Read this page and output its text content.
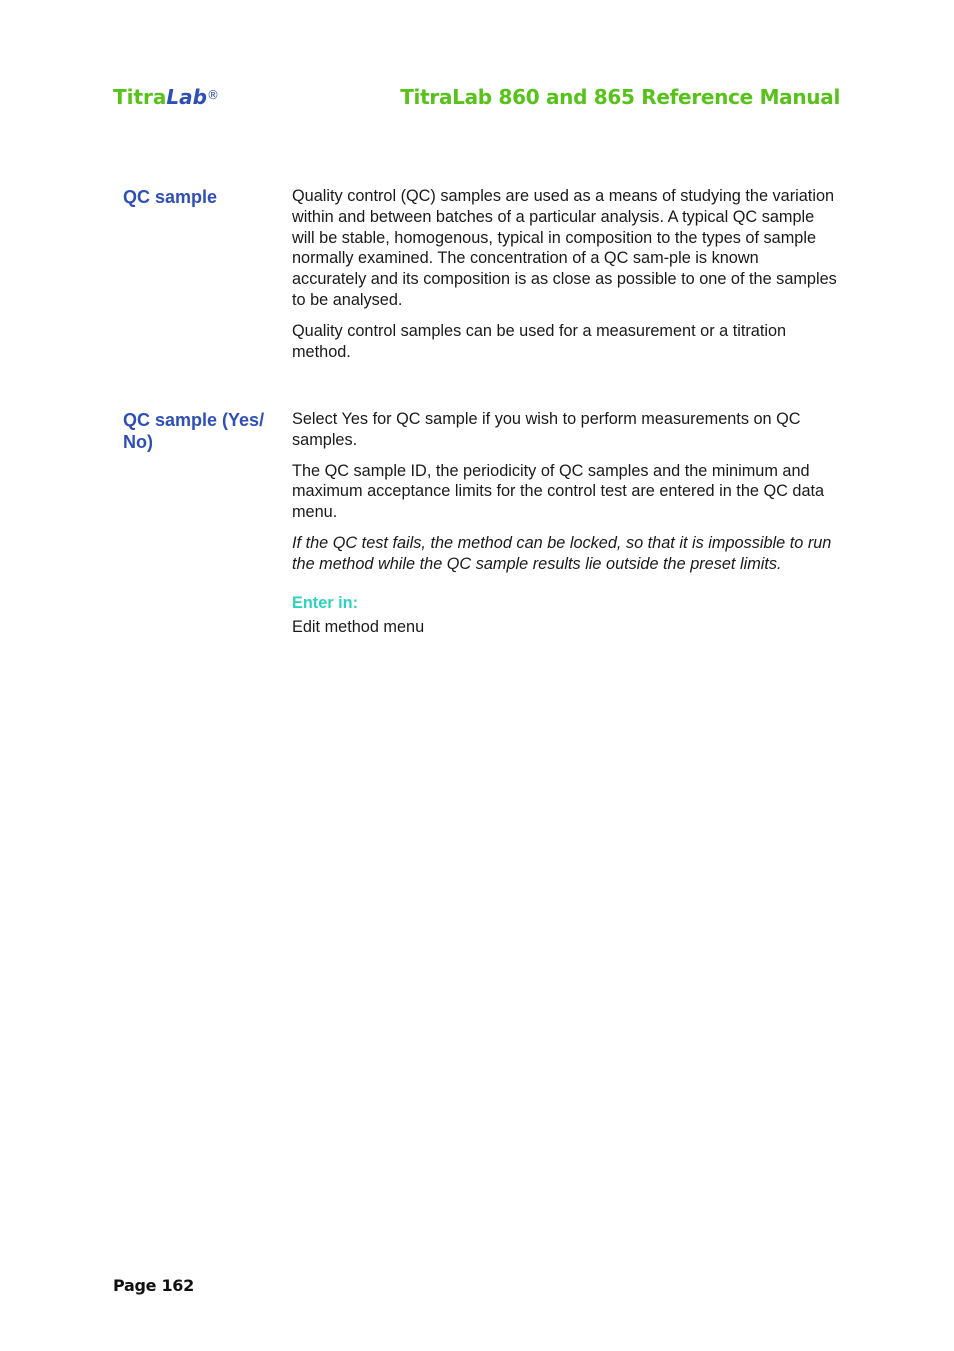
TitraLab®	TitraLab 860 and 865 Reference Manual
QC sample	Quality control (QC) samples are used as a means of studying the variation within and between batches of a particular analysis. A typical QC sample will be stable, homogenous, typical in composition to the types of sample normally examined. The concentration of a QC sam-ple is known accurately and its composition is as close as possible to one of the samples to be analysed.

Quality control samples can be used for a measurement or a titration method.

QC sample (Yes/ No)

Select Yes for QC sample if you wish to perform measurements on QC samples.

The QC sample ID, the periodicity of QC samples and the minimum and maximum acceptance limits for the control test are entered in the QC data menu.

If the QC test fails, the method can be locked, so that it is impossible to run the method while the QC sample results lie outside the preset limits.

Enter in:
Edit method menu
Page 162
